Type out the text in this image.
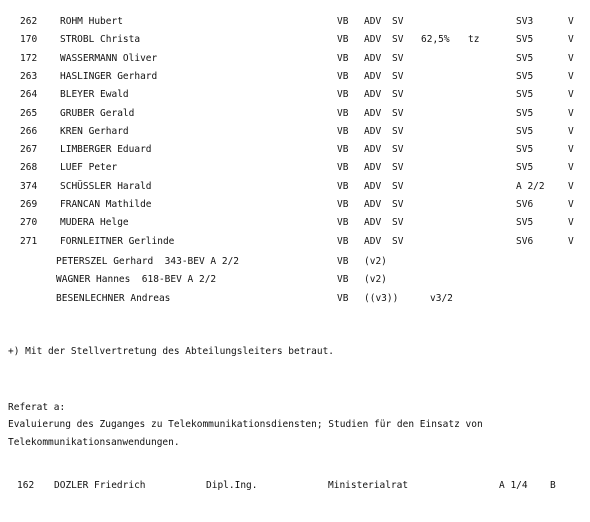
262 ROHM Hubert	VB ADV SV	SV3	V
170 STROBL Christa	VB ADV SV 62,5% tz	SV5	V
172 WASSERMANN Oliver	VB ADV SV	SV5	V
263 HASLINGER Gerhard	VB ADV SV	SV5	V
264 BLEYER Ewald	VB ADV SV	SV5	V
265 GRUBER Gerald	VB ADV SV	SV5	V
266 KREN Gerhard	VB ADV SV	SV5	V
267 LIMBERGER Eduard	VB ADV SV	SV5	V
268 LUEF Peter	VB ADV SV	SV5	V
374 SCHÜSSLER Harald	VB ADV SV	A 2/2 V
269 FRANCAN Mathilde	VB ADV SV	SV6	V
270 MUDERA Helge	VB ADV SV	SV5	V
271 FORNLEITNER Gerlinde	VB ADV SV	SV6	V
PETERSZEL Gerhard  343-BEV A 2/2	VB (v2)
WAGNER Hannes  618-BEV A 2/2	VB (v2)
BESENLECHNER Andreas	VB ((v3))	v3/2
+) Mit der Stellvertretung des Abteilungsleiters betraut.
Referat a:
Evaluierung des Zuganges zu Telekommunikationsdiensten; Studien für den Einsatz von
Telekommunikationsanwendungen.
162 DOZLER Friedrich	Dipl.Ing.	Ministerialrat	A 1/4 B
